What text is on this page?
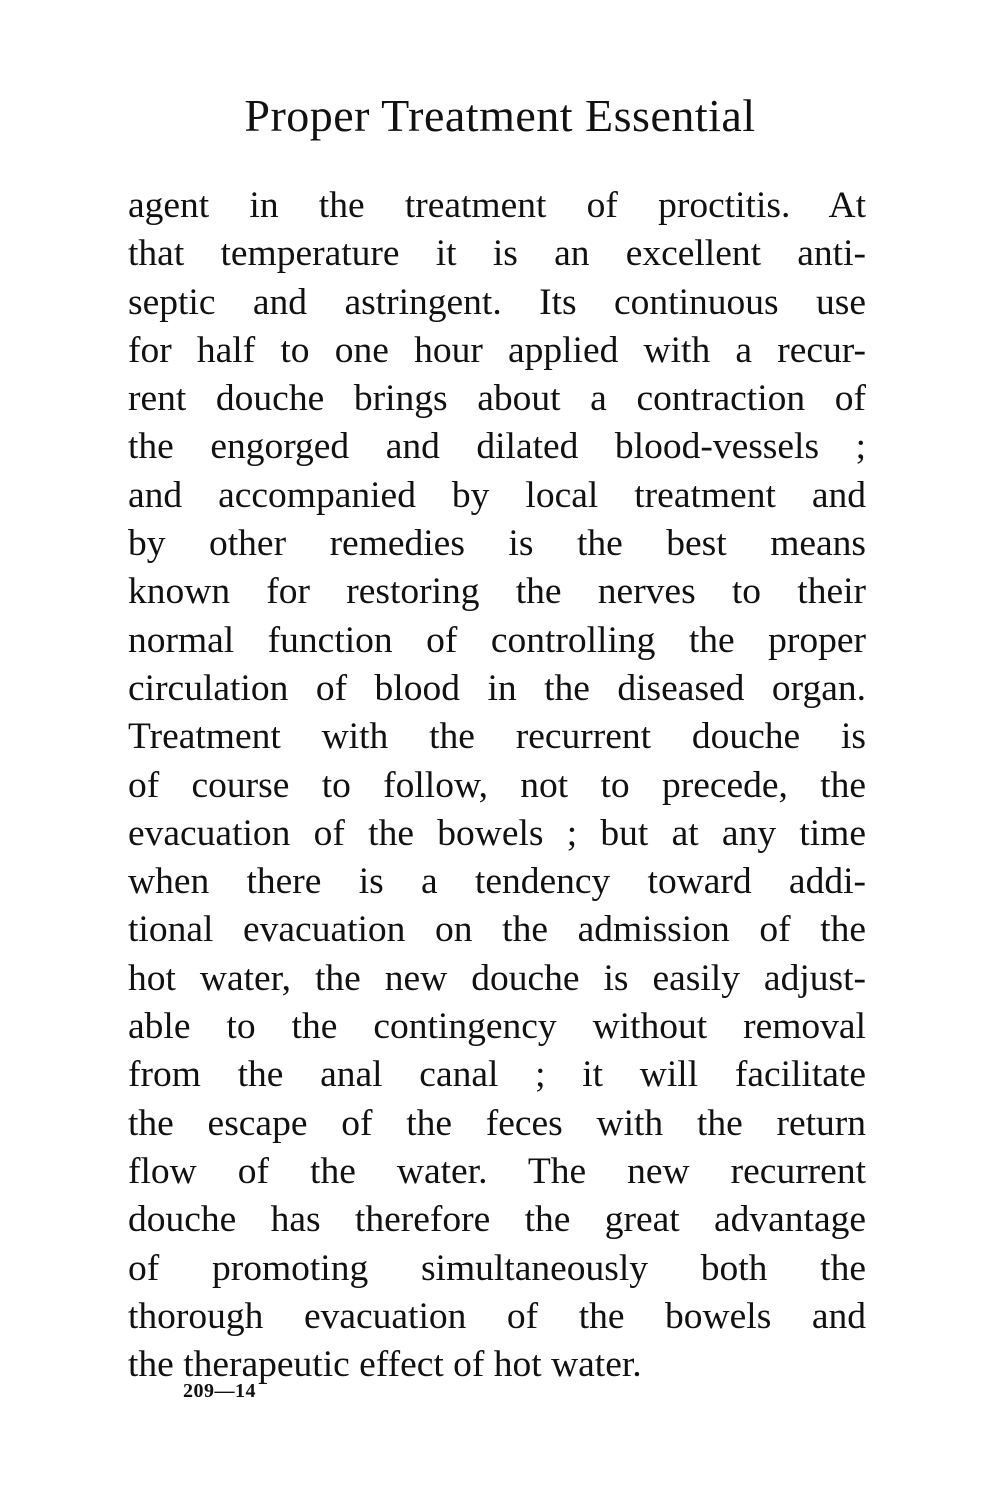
Proper Treatment Essential
agent in the treatment of proctitis. At
that temperature it is an excellent anti-
septic and astringent. Its continuous use
for half to one hour applied with a recur-
rent douche brings about a contraction of
the engorged and dilated blood-vessels ;
and accompanied by local treatment and
by other remedies is the best means
known for restoring the nerves to their
normal function of controlling the proper
circulation of blood in the diseased organ.
Treatment with the recurrent douche is
of course to follow, not to precede, the
evacuation of the bowels ; but at any time
when there is a tendency toward addi-
tional evacuation on the admission of the
hot water, the new douche is easily adjust-
able to the contingency without removal
from the anal canal ; it will facilitate
the escape of the feces with the return
flow of the water. The new recurrent
douche has therefore the great advantage
of promoting simultaneously both the
thorough evacuation of the bowels and
the therapeutic effect of hot water.
209—14
